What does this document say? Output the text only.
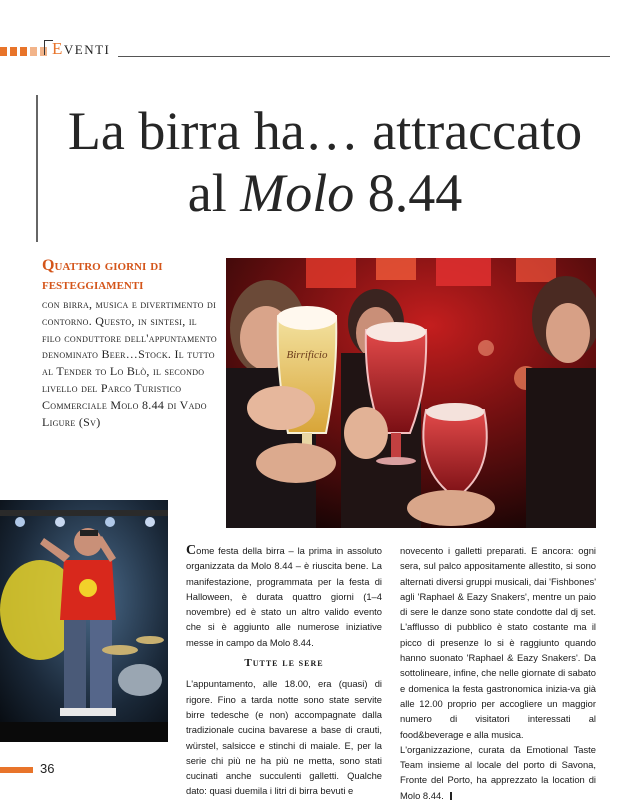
EVENTI
La birra ha… attraccato
al Molo 8.44

Quattro giorni di festeggiamenti

con birra, musica e divertimento di contorno. Questo, in sintesi, il filo conduttore dell'appuntamento denominato Beer…Stock. Il tutto al Tender to Lo Blò, il secondo livello del Parco Turistico Commerciale Molo 8.44 di Vado Ligure (Sv)

Birrificio

Come festa della birra – la prima in assoluto organizzata da Molo 8.44 – è riuscita bene. La manifestazione, programmata per la festa di Halloween, è durata quattro giorni (1–4 novembre) ed è stato un altro valido evento che si è aggiunto alle numerose iniziative messe in campo da Molo 8.44.

Tutte le sere

L'appuntamento, alle 18.00, era (quasi) di rigore. Fino a tarda notte sono state servite birre tedesche (e non) accompagnate dalla tradizionale cucina bavarese a base di crauti, würstel, salsicce e stinchi di maiale. E, per la serie chi più ne ha più ne metta, sono stati cucinati anche succulenti galletti. Qualche dato: quasi duemila i litri di birra bevuti e

novecento i galletti preparati. E ancora: ogni sera, sul palco appositamente allestito, si sono alternati diversi gruppi musicali, dai 'Fishbones' agli 'Raphael & Eazy Snakers', mentre un paio di sere le danze sono state condotte dal dj set. L'afflusso di pubblico è stato costante ma il picco di presenze lo si è raggiunto quando hanno suonato 'Raphael & Eazy Snakers'. Da sottolineare, infine, che nelle giornate di sabato e domenica la festa gastronomica inizia-va già alle 12.00 proprio per accogliere un maggior numero di visitatori interessati al food&beverage e alla musica.

L'organizzazione, curata da Emotional Taste Team insieme al locale del porto di Savona, Fronte del Porto, ha apprezzato la location di Molo 8.44.

36
